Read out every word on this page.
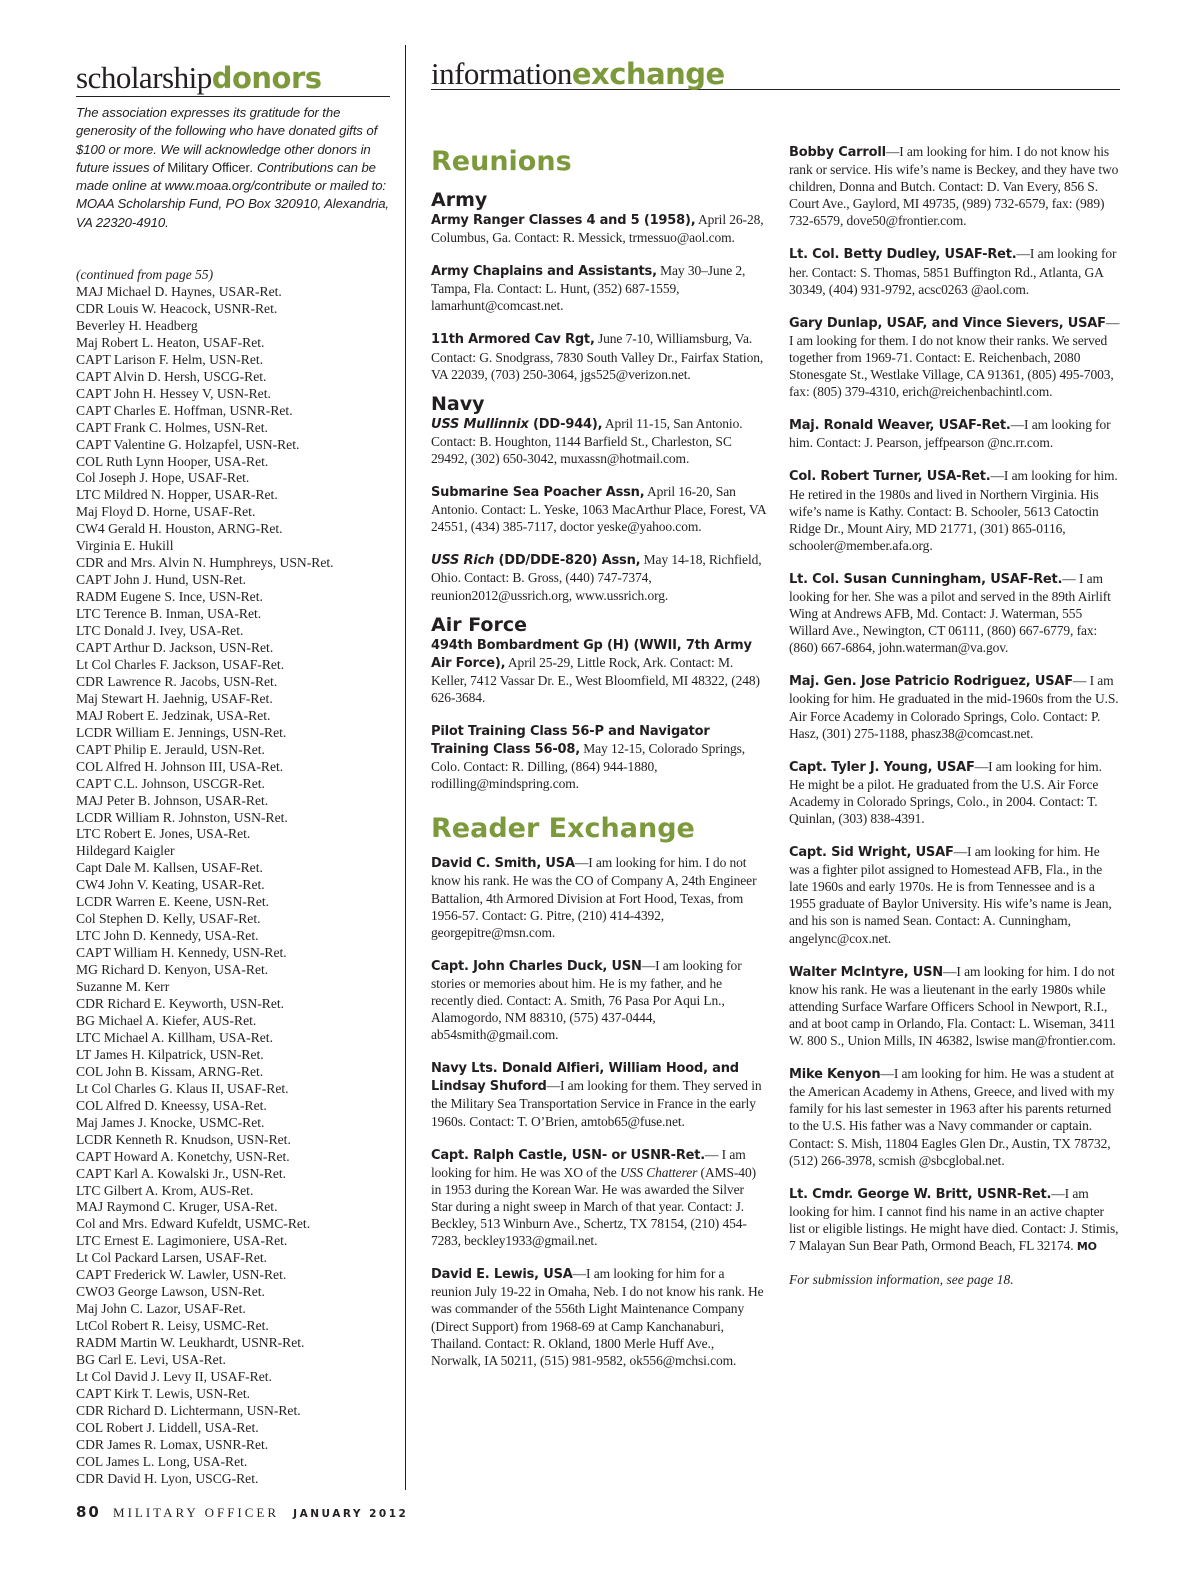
scholarshipdonors
The association expresses its gratitude for the generosity of the following who have donated gifts of $100 or more. We will acknowledge other donors in future issues of Military Officer. Contributions can be made online at www.moaa.org/contribute or mailed to: MOAA Scholarship Fund, PO Box 320910, Alexandria, VA 22320-4910.
(continued from page 55)
MAJ Michael D. Haynes, USAR-Ret.
CDR Louis W. Heacock, USNR-Ret.
Beverley H. Headberg
Maj Robert L. Heaton, USAF-Ret.
CAPT Larison F. Helm, USN-Ret.
CAPT Alvin D. Hersh, USCG-Ret.
CAPT John H. Hessey V, USN-Ret.
CAPT Charles E. Hoffman, USNR-Ret.
CAPT Frank C. Holmes, USN-Ret.
CAPT Valentine G. Holzapfel, USN-Ret.
COL Ruth Lynn Hooper, USA-Ret.
Col Joseph J. Hope, USAF-Ret.
LTC Mildred N. Hopper, USAR-Ret.
Maj Floyd D. Horne, USAF-Ret.
CW4 Gerald H. Houston, ARNG-Ret.
Virginia E. Hukill
CDR and Mrs. Alvin N. Humphreys, USN-Ret.
CAPT John J. Hund, USN-Ret.
RADM Eugene S. Ince, USN-Ret.
LTC Terence B. Inman, USA-Ret.
LTC Donald J. Ivey, USA-Ret.
CAPT Arthur D. Jackson, USN-Ret.
Lt Col Charles F. Jackson, USAF-Ret.
CDR Lawrence R. Jacobs, USN-Ret.
Maj Stewart H. Jaehnig, USAF-Ret.
MAJ Robert E. Jedzinak, USA-Ret.
LCDR William E. Jennings, USN-Ret.
CAPT Philip E. Jerauld, USN-Ret.
COL Alfred H. Johnson III, USA-Ret.
CAPT C.L. Johnson, USCGR-Ret.
MAJ Peter B. Johnson, USAR-Ret.
LCDR William R. Johnston, USN-Ret.
LTC Robert E. Jones, USA-Ret.
Hildegard Kaigler
Capt Dale M. Kallsen, USAF-Ret.
CW4 John V. Keating, USAR-Ret.
LCDR Warren E. Keene, USN-Ret.
Col Stephen D. Kelly, USAF-Ret.
LTC John D. Kennedy, USA-Ret.
CAPT William H. Kennedy, USN-Ret.
MG Richard D. Kenyon, USA-Ret.
Suzanne M. Kerr
CDR Richard E. Keyworth, USN-Ret.
BG Michael A. Kiefer, AUS-Ret.
LTC Michael A. Killham, USA-Ret.
LT James H. Kilpatrick, USN-Ret.
COL John B. Kissam, ARNG-Ret.
Lt Col Charles G. Klaus II, USAF-Ret.
COL Alfred D. Kneessy, USA-Ret.
Maj James J. Knocke, USMC-Ret.
LCDR Kenneth R. Knudson, USN-Ret.
CAPT Howard A. Konetchy, USN-Ret.
CAPT Karl A. Kowalski Jr., USN-Ret.
LTC Gilbert A. Krom, AUS-Ret.
MAJ Raymond C. Kruger, USA-Ret.
Col and Mrs. Edward Kufeldt, USMC-Ret.
LTC Ernest E. Lagimoniere, USA-Ret.
Lt Col Packard Larsen, USAF-Ret.
CAPT Frederick W. Lawler, USN-Ret.
CWO3 George Lawson, USN-Ret.
Maj John C. Lazor, USAF-Ret.
LtCol Robert R. Leisy, USMC-Ret.
RADM Martin W. Leukhardt, USNR-Ret.
BG Carl E. Levi, USA-Ret.
Lt Col David J. Levy II, USAF-Ret.
CAPT Kirk T. Lewis, USN-Ret.
CDR Richard D. Lichtermann, USN-Ret.
COL Robert J. Liddell, USA-Ret.
CDR James R. Lomax, USNR-Ret.
COL James L. Long, USA-Ret.
CDR David H. Lyon, USCG-Ret.
informationexchange
Reunions
Army
Army Ranger Classes 4 and 5 (1958), April 26-28, Columbus, Ga. Contact: R. Messick, trmessuo@aol.com.
Army Chaplains and Assistants, May 30–June 2, Tampa, Fla. Contact: L. Hunt, (352) 687-1559, lamarhunt@comcast.net.
11th Armored Cav Rgt, June 7-10, Williamsburg, Va. Contact: G. Snodgrass, 7830 South Valley Dr., Fairfax Station, VA 22039, (703) 250-3064, jgs525@verizon.net.
Navy
USS Mullinnix (DD-944), April 11-15, San Antonio. Contact: B. Houghton, 1144 Barfield St., Charleston, SC 29492, (302) 650-3042, muxassn@hotmail.com.
Submarine Sea Poacher Assn, April 16-20, San Antonio. Contact: L. Yeske, 1063 MacArthur Place, Forest, VA 24551, (434) 385-7117, doctor yeske@yahoo.com.
USS Rich (DD/DDE-820) Assn, May 14-18, Richfield, Ohio. Contact: B. Gross, (440) 747-7374, reunion2012@ussrich.org, www.ussrich.org.
Air Force
494th Bombardment Gp (H) (WWII, 7th Army Air Force), April 25-29, Little Rock, Ark. Contact: M. Keller, 7412 Vassar Dr. E., West Bloomfield, MI 48322, (248) 626-3684.
Pilot Training Class 56-P and Navigator Training Class 56-08, May 12-15, Colorado Springs, Colo. Contact: R. Dilling, (864) 944-1880, rodilling@mindspring.com.
Reader Exchange
David C. Smith, USA—I am looking for him. I do not know his rank. He was the CO of Company A, 24th Engineer Battalion, 4th Armored Division at Fort Hood, Texas, from 1956-57. Contact: G. Pitre, (210) 414-4392, georgepitre@msn.com.
Capt. John Charles Duck, USN—I am looking for stories or memories about him. He is my father, and he recently died. Contact: A. Smith, 76 Pasa Por Aqui Ln., Alamogordo, NM 88310, (575) 437-0444, ab54smith@gmail.com.
Navy Lts. Donald Alfieri, William Hood, and Lindsay Shuford—I am looking for them. They served in the Military Sea Transportation Service in France in the early 1960s. Contact: T. O’Brien, amtob65@fuse.net.
Capt. Ralph Castle, USN- or USNR-Ret.— I am looking for him. He was XO of the USS Chatterer (AMS-40) in 1953 during the Korean War. He was awarded the Silver Star during a night sweep in March of that year. Contact: J. Beckley, 513 Winburn Ave., Schertz, TX 78154, (210) 454-7283, beckley1933@gmail.net.
David E. Lewis, USA—I am looking for him for a reunion July 19-22 in Omaha, Neb. I do not know his rank. He was commander of the 556th Light Maintenance Company (Direct Support) from 1968-69 at Camp Kanchanaburi, Thailand. Contact: R. Okland, 1800 Merle Huff Ave., Norwalk, IA 50211, (515) 981-9582, ok556@mchsi.com.
Bobby Carroll—I am looking for him. I do not know his rank or service. His wife’s name is Beckey, and they have two children, Donna and Butch. Contact: D. Van Every, 856 S. Court Ave., Gaylord, MI 49735, (989) 732-6579, fax: (989) 732-6579, dove50@frontier.com.
Lt. Col. Betty Dudley, USAF-Ret.—I am looking for her. Contact: S. Thomas, 5851 Buffington Rd., Atlanta, GA 30349, (404) 931-9792, acsc0263 @aol.com.
Gary Dunlap, USAF, and Vince Sievers, USAF—I am looking for them. I do not know their ranks. We served together from 1969-71. Contact: E. Reichenbach, 2080 Stonesgate St., Westlake Village, CA 91361, (805) 495-7003, fax: (805) 379-4310, erich@reichenbachintl.com.
Maj. Ronald Weaver, USAF-Ret.—I am looking for him. Contact: J. Pearson, jeffpearson @nc.rr.com.
Col. Robert Turner, USA-Ret.—I am looking for him. He retired in the 1980s and lived in Northern Virginia. His wife’s name is Kathy. Contact: B. Schooler, 5613 Catoctin Ridge Dr., Mount Airy, MD 21771, (301) 865-0116, schooler@member.afa.org.
Lt. Col. Susan Cunningham, USAF-Ret.— I am looking for her. She was a pilot and served in the 89th Airlift Wing at Andrews AFB, Md. Contact: J. Waterman, 555 Willard Ave., Newington, CT 06111, (860) 667-6779, fax: (860) 667-6864, john.waterman@va.gov.
Maj. Gen. Jose Patricio Rodriguez, USAF— I am looking for him. He graduated in the mid-1960s from the U.S. Air Force Academy in Colorado Springs, Colo. Contact: P. Hasz, (301) 275-1188, phasz38@comcast.net.
Capt. Tyler J. Young, USAF—I am looking for him. He might be a pilot. He graduated from the U.S. Air Force Academy in Colorado Springs, Colo., in 2004. Contact: T. Quinlan, (303) 838-4391.
Capt. Sid Wright, USAF—I am looking for him. He was a fighter pilot assigned to Homestead AFB, Fla., in the late 1960s and early 1970s. He is from Tennessee and is a 1955 graduate of Baylor University. His wife’s name is Jean, and his son is named Sean. Contact: A. Cunningham, angelync@cox.net.
Walter McIntyre, USN—I am looking for him. I do not know his rank. He was a lieutenant in the early 1980s while attending Surface Warfare Officers School in Newport, R.I., and at boot camp in Orlando, Fla. Contact: L. Wiseman, 3411 W. 800 S., Union Mills, IN 46382, lswise man@frontier.com.
Mike Kenyon—I am looking for him. He was a student at the American Academy in Athens, Greece, and lived with my family for his last semester in 1963 after his parents returned to the U.S. His father was a Navy commander or captain. Contact: S. Mish, 11804 Eagles Glen Dr., Austin, TX 78732, (512) 266-3978, scmish @sbcglobal.net.
Lt. Cmdr. George W. Britt, USNR-Ret.—I am looking for him. I cannot find his name in an active chapter list or eligible listings. He might have died. Contact: J. Stimis, 7 Malayan Sun Bear Path, Ormond Beach, FL 32174. MO
For submission information, see page 18.
80 MILITARY OFFICER JANUARY 2012
